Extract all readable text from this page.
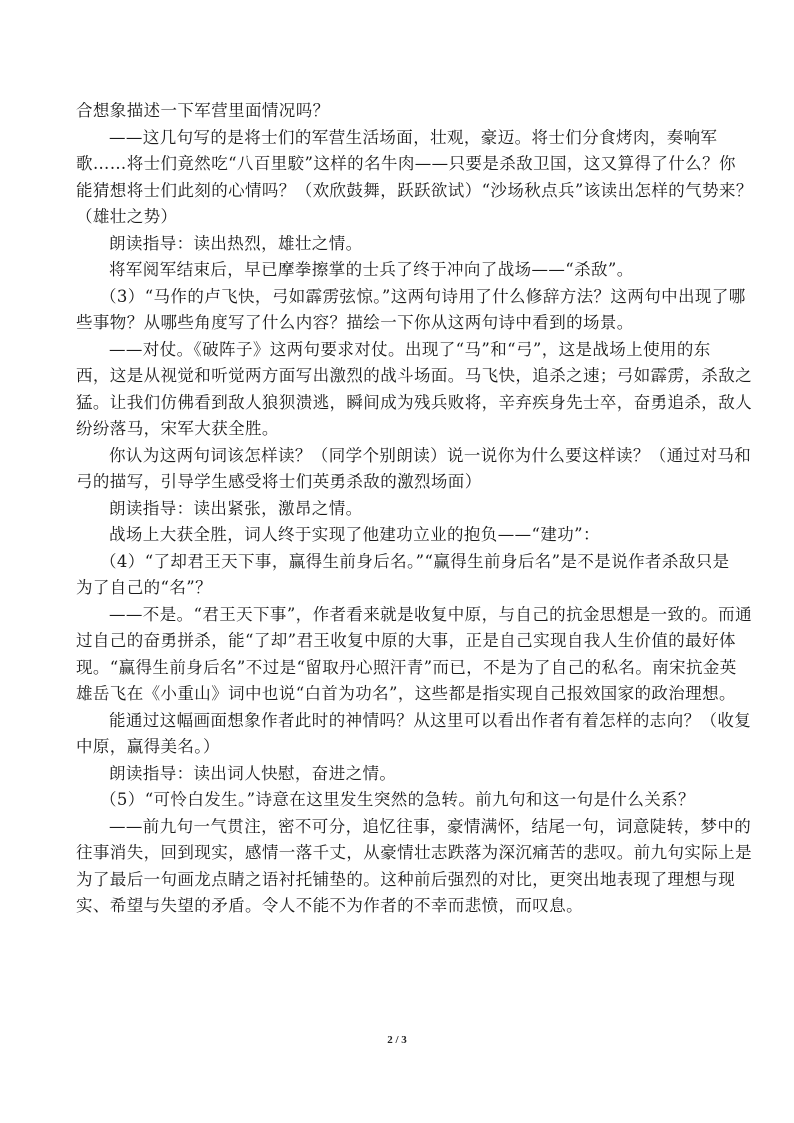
合想象描述一下军营里面情况吗？
——这几句写的是将士们的军营生活场面，壮观，豪迈。将士们分食烤肉，奏响军
歌……将士们竟然吃“八百里駮”这样的名牛肉——只要是杀敌卫国，这又算得了什么？你
能猜想将士们此刻的心情吗？（欢欣鼓舞，跃跃欲试）“沙场秋点兵”该读出怎样的气势来？
（雄壮之势）
朗读指导：读出热烈，雄壮之情。
将军阅军结束后，早已摩拳擦掌的士兵了终于冲向了战场——“杀敌”。
（3）“马作的卢飞快，弓如霹雳弦惊。”这两句诗用了什么修辞方法？这两句中出现了哪
些事物？从哪些角度写了什么内容？描绘一下你从这两句诗中看到的场景。
——对仗。《破阵子》这两句要求对仗。出现了“马”和“弓”，这是战场上使用的东
西，这是从视觉和听觉两方面写出激烈的战斗场面。马飞快，追杀之速；弓如霹雳，杀敌之
猛。让我们仿佛看到敌人狼狈溃逃，瞬间成为残兵败将，辛弃疾身先士卒，奋勇追杀，敌人
纷纷落马，宋军大获全胜。
你认为这两句词该怎样读？（同学个别朗读）说一说你为什么要这样读？（通过对马和
弓的描写，引导学生感受将士们英勇杀敌的激烈场面）
朗读指导：读出紧张，激昂之情。
战场上大获全胜，词人终于实现了他建功立业的抱负——“建功”：
（4）“了却君王天下事，赢得生前身后名。”“赢得生前身后名”是不是说作者杀敌只是
为了自己的“名”？
——不是。“君王天下事”，作者看来就是收复中原，与自己的抗金思想是一致的。而通
过自己的奋勇拼杀，能“了却”君王收复中原的大事，正是自己实现自我人生价值的最好体
现。“赢得生前身后名”不过是“留取丹心照汗青”而已，不是为了自己的私名。南宋抗金英
雄岳飞在《小重山》词中也说“白首为功名”，这些都是指实现自己报效国家的政治理想。
能通过这幅画面想象作者此时的神情吗？从这里可以看出作者有着怎样的志向？（收复
中原，赢得美名。）
朗读指导：读出词人快慰，奋进之情。
（5）“可怜白发生。”诗意在这里发生突然的急转。前九句和这一句是什么关系？
——前九句一气贯注，密不可分，追忆往事，豪情满怀，结尾一句，词意陡转，梦中的
往事消失，回到现实，感情一落千丈，从豪情壮志跌落为深沉痛苦的悲叹。前九句实际上是
为了最后一句画龙点睛之语衬托铺垫的。这种前后强烈的对比，更突出地表现了理想与现
实、希望与失望的矛盾。令人不能不为作者的不幸而悲愤，而叹息。
2 / 3
